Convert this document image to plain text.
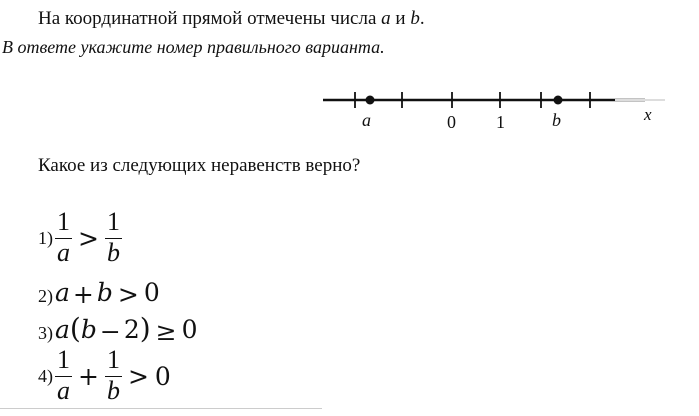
На координатной прямой отмечены числа a и b.
В ответе укажите номер правильного варианта.
a	0 1	b	x
Какое из следующих неравенств верно?
$1) \frac{1}{a} > \frac{1}{b}$
2)a + b > 0
3)a(b − 2) ≥ 0
$4) \frac{1}{a} + \frac{1}{b} > 0$
